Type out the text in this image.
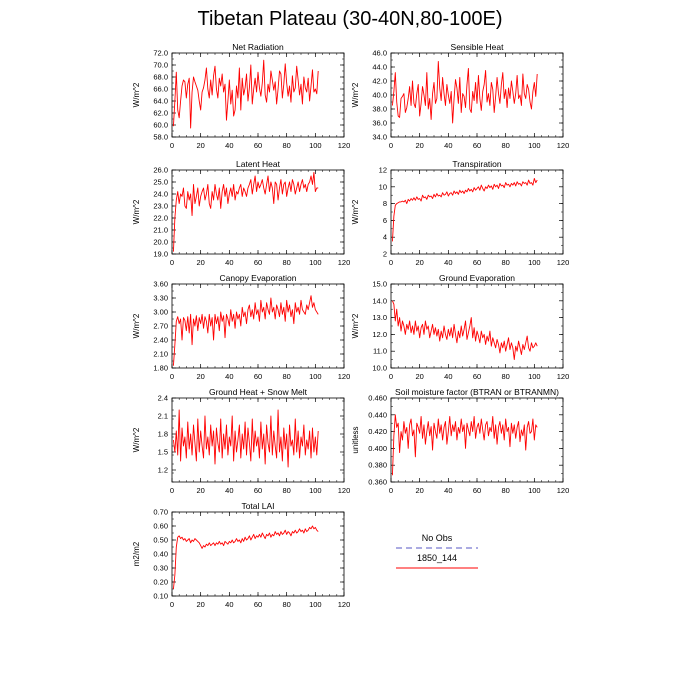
Tibetan Plateau (30-40N,80-100E)
0	20	40	60	80 100 120
58.0
60.0
62.0
64.0
66.0
68.0
70.0
72.0
Net Radiation
W/m^2
0	20	40	60	80 100 120
34.0
36.0
38.0
40.0
42.0
44.0
46.0
Sensible Heat
W/m^2
0	20	40	60	80 100 120
19.0
20.0
21.0
22.0
23.0
24.0
25.0
26.0
Latent Heat
W/m^2
0	20	40	60	80 100 120
2
4
6
8
10
12
Transpiration
W/m^2
0	20	40	60	80 100 120
1.80
2.10
2.40
2.70
3.00
3.30
3.60
Canopy Evaporation
W/m^2
0	20	40	60	80 100 120
10.0
11.0
12.0
13.0
14.0
15.0
Ground Evaporation
W/m^2
0	20	40	60	80 100 120
1.2
1.5
1.8
2.1
2.4
Ground Heat + Snow Melt
W/m^2
0	20	40	60	80 100 120
0.360
0.380
0.400
0.420
0.440
0.460
Soil moisture factor (BTRAN or BTRANMN)
unitless
0	20	40	60	80 100 120
0.10
0.20
0.30
0.40
0.50
0.60
0.70
Total LAI
m2/m2
No Obs
1850_144
